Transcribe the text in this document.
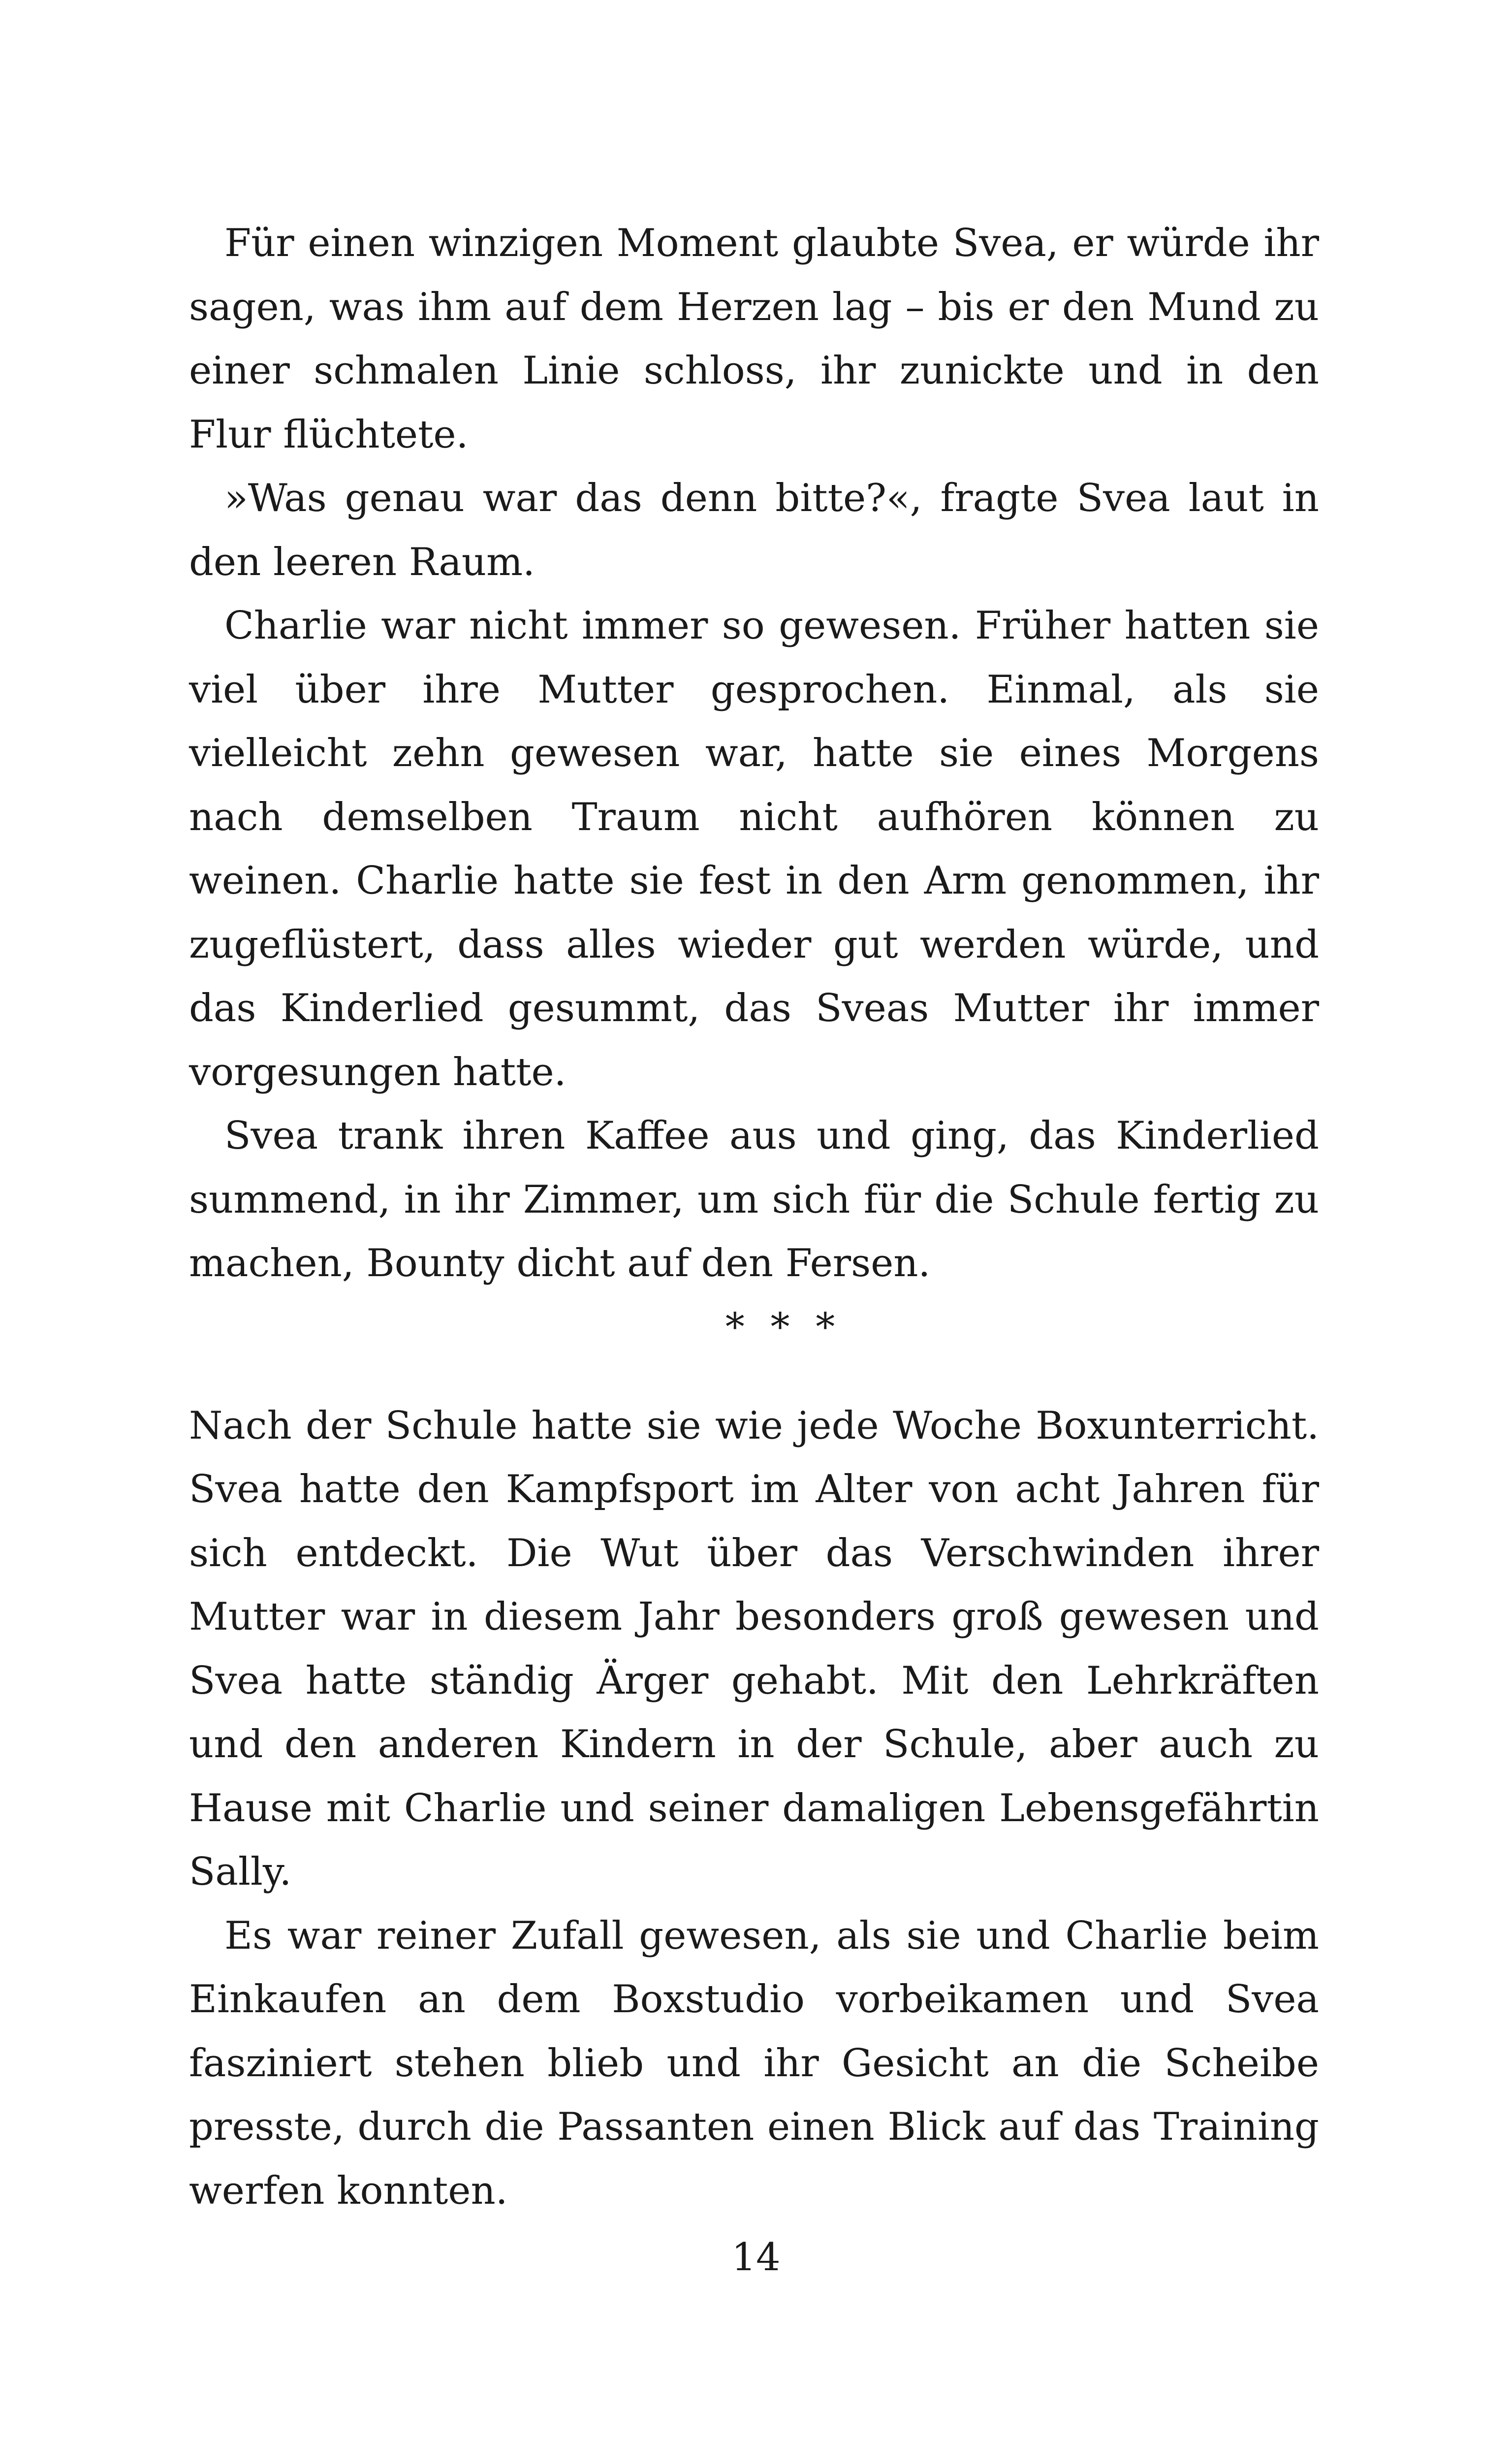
Für einen winzigen Moment glaubte Svea, er würde ihr sagen, was ihm auf dem Herzen lag – bis er den Mund zu einer schmalen Linie schloss, ihr zunickte und in den Flur flüchtete.

»Was genau war das denn bitte?«, fragte Svea laut in den leeren Raum.

Charlie war nicht immer so gewesen. Früher hatten sie viel über ihre Mutter gesprochen. Einmal, als sie vielleicht zehn gewesen war, hatte sie eines Morgens nach demselben Traum nicht aufhören können zu weinen. Charlie hatte sie fest in den Arm genommen, ihr zugeflüstert, dass alles wieder gut werden würde, und das Kinderlied gesummt, das Sveas Mutter ihr immer vorgesungen hatte.

Svea trank ihren Kaffee aus und ging, das Kinderlied summend, in ihr Zimmer, um sich für die Schule fertig zu machen, Bounty dicht auf den Fersen.

* * *

Nach der Schule hatte sie wie jede Woche Boxunterricht. Svea hatte den Kampfsport im Alter von acht Jahren für sich entdeckt. Die Wut über das Verschwinden ihrer Mutter war in diesem Jahr besonders groß gewesen und Svea hatte ständig Ärger gehabt. Mit den Lehrkräften und den anderen Kindern in der Schule, aber auch zu Hause mit Charlie und seiner damaligen Lebensgefährtin Sally.

Es war reiner Zufall gewesen, als sie und Charlie beim Einkaufen an dem Boxstudio vorbeikamen und Svea fasziniert stehen blieb und ihr Gesicht an die Scheibe presste, durch die Passanten einen Blick auf das Training werfen konnten.

14
